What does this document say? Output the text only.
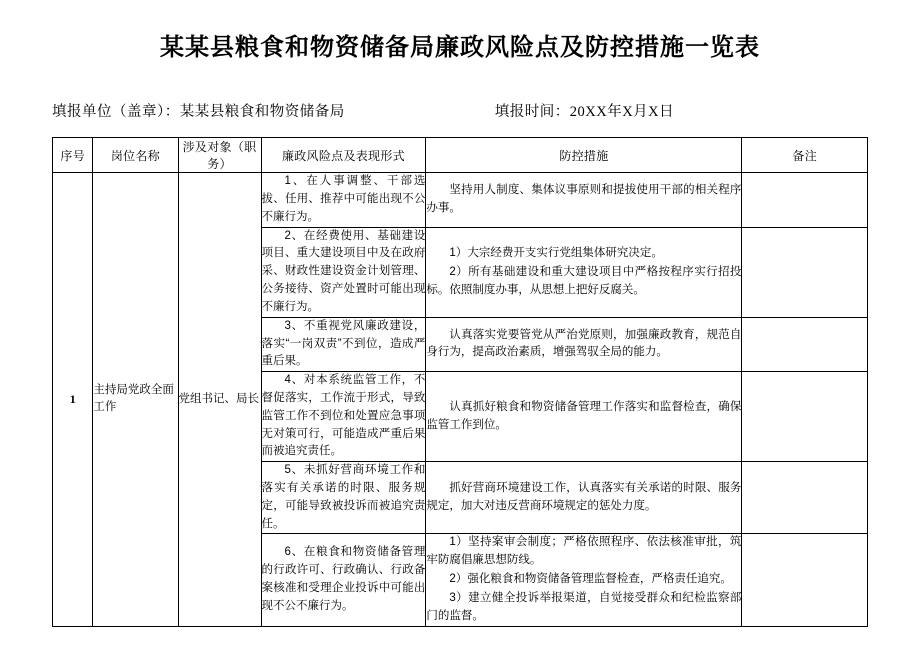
某某县粮食和物资储备局廉政风险点及防控措施一览表
填报单位（盖章）：某某县粮食和物资储备局	填报时间：20XX年X月X日
序号	岗位名称	涉及对象（职务）	廉政风险点及表现形式	防控措施	备注
1	主持局党政全面工作	党组书记、局长	1、在人事调整、干部选拔、任用、推荐中可能出现不公不廉行为。	坚持用人制度、集体议事原则和提拔使用干部的相关程序办事。	

			2、在经费使用、基础建设项目、重大建设项目中及在政府采、财政性建设资金计划管理、公务接待、资产处置时可能出现不廉行为。	1）大宗经费开支实行党组集体研究决定。

2）所有基础建设和重大建设项目中严格按程序实行招投标。依照制度办事，从思想上把好反腐关。	

			3、不重视党风廉政建设，落实“一岗双责”不到位，造成严重后果。	认真落实党要管党从严治党原则，加强廉政教育，规范自身行为，提高政治素质，增强驾驭全局的能力。	

			4、对本系统监管工作，不督促落实，工作流于形式，导致监管工作不到位和处置应急事项无对策可行，可能造成严重后果而被追究责任。	认真抓好粮食和物资储备管理工作落实和监督检查，确保监管工作到位。	

			5、未抓好营商环境工作和落实有关承诺的时限、服务规定，可能导致被投诉而被追究责任。	抓好营商环境建设工作，认真落实有关承诺的时限、服务规定，加大对违反营商环境规定的惩处力度。	

			6、在粮食和物资储备管理的行政许可、行政确认、行政备案核准和受理企业投诉中可能出现不公不廉行为。	1）坚持案审会制度；严格依照程序、依法核准审批，筑牢防腐倡廉思想防线。

2）强化粮食和物资储备管理监督检查，严格责任追究。

3）建立健全投诉举报渠道，自觉接受群众和纪检监察部门的监督。	
